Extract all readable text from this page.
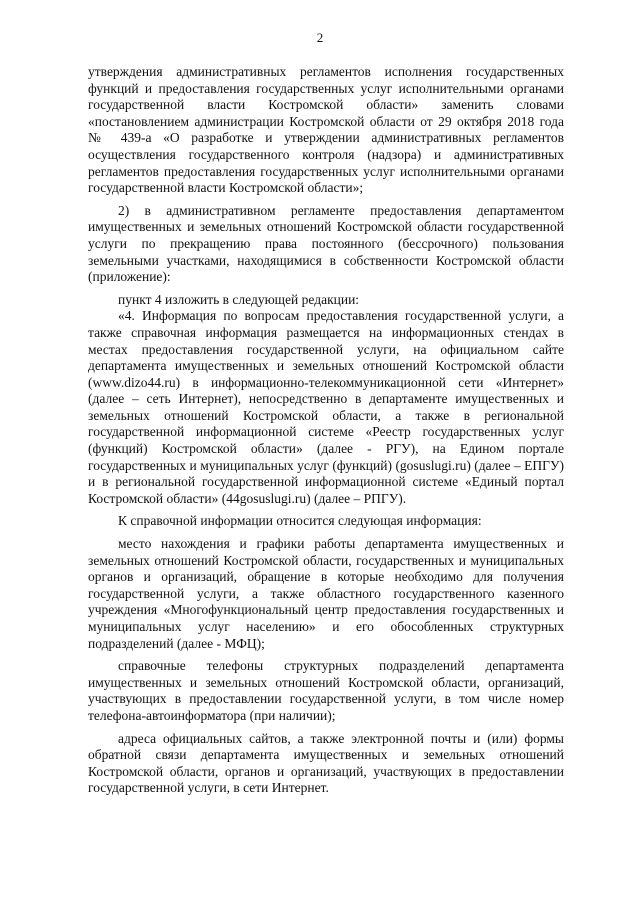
2

утверждения административных регламентов исполнения государственных функций и предоставления государственных услуг исполнительными органами государственной власти Костромской области» заменить словами «постановлением администрации Костромской области от 29 октября 2018 года № 439-а «О разработке и утверждении административных регламентов осуществления государственного контроля (надзора) и административных регламентов предоставления государственных услуг исполнительными органами государственной власти Костромской области»;

2) в административном регламенте предоставления департаментом имущественных и земельных отношений Костромской области государственной услуги по прекращению права постоянного (бессрочного) пользования земельными участками, находящимися в собственности Костромской области (приложение):

пункт 4 изложить в следующей редакции:

«4. Информация по вопросам предоставления государственной услуги, а также справочная информация размещается на информационных стендах в местах предоставления государственной услуги, на официальном сайте департамента имущественных и земельных отношений Костромской области (www.dizo44.ru) в информационно-телекоммуникационной сети «Интернет» (далее – сеть Интернет), непосредственно в департаменте имущественных и земельных отношений Костромской области, а также в региональной государственной информационной системе «Реестр государственных услуг (функций) Костромской области» (далее - РГУ), на Едином портале государственных и муниципальных услуг (функций) (gosuslugi.ru) (далее – ЕПГУ) и в региональной государственной информационной системе «Единый портал Костромской области» (44gosuslugi.ru) (далее – РПГУ).

К справочной информации относится следующая информация:

место нахождения и графики работы департамента имущественных и земельных отношений Костромской области, государственных и муниципальных органов и организаций, обращение в которые необходимо для получения государственной услуги, а также областного государственного казенного учреждения «Многофункциональный центр предоставления государственных и муниципальных услуг населению» и его обособленных структурных подразделений (далее - МФЦ);

справочные телефоны структурных подразделений департамента имущественных и земельных отношений Костромской области, организаций, участвующих в предоставлении государственной услуги, в том числе номер телефона-автоинформатора (при наличии);

адреса официальных сайтов, а также электронной почты и (или) формы обратной связи департамента имущественных и земельных отношений Костромской области, органов и организаций, участвующих в предоставлении государственной услуги, в сети Интернет.
